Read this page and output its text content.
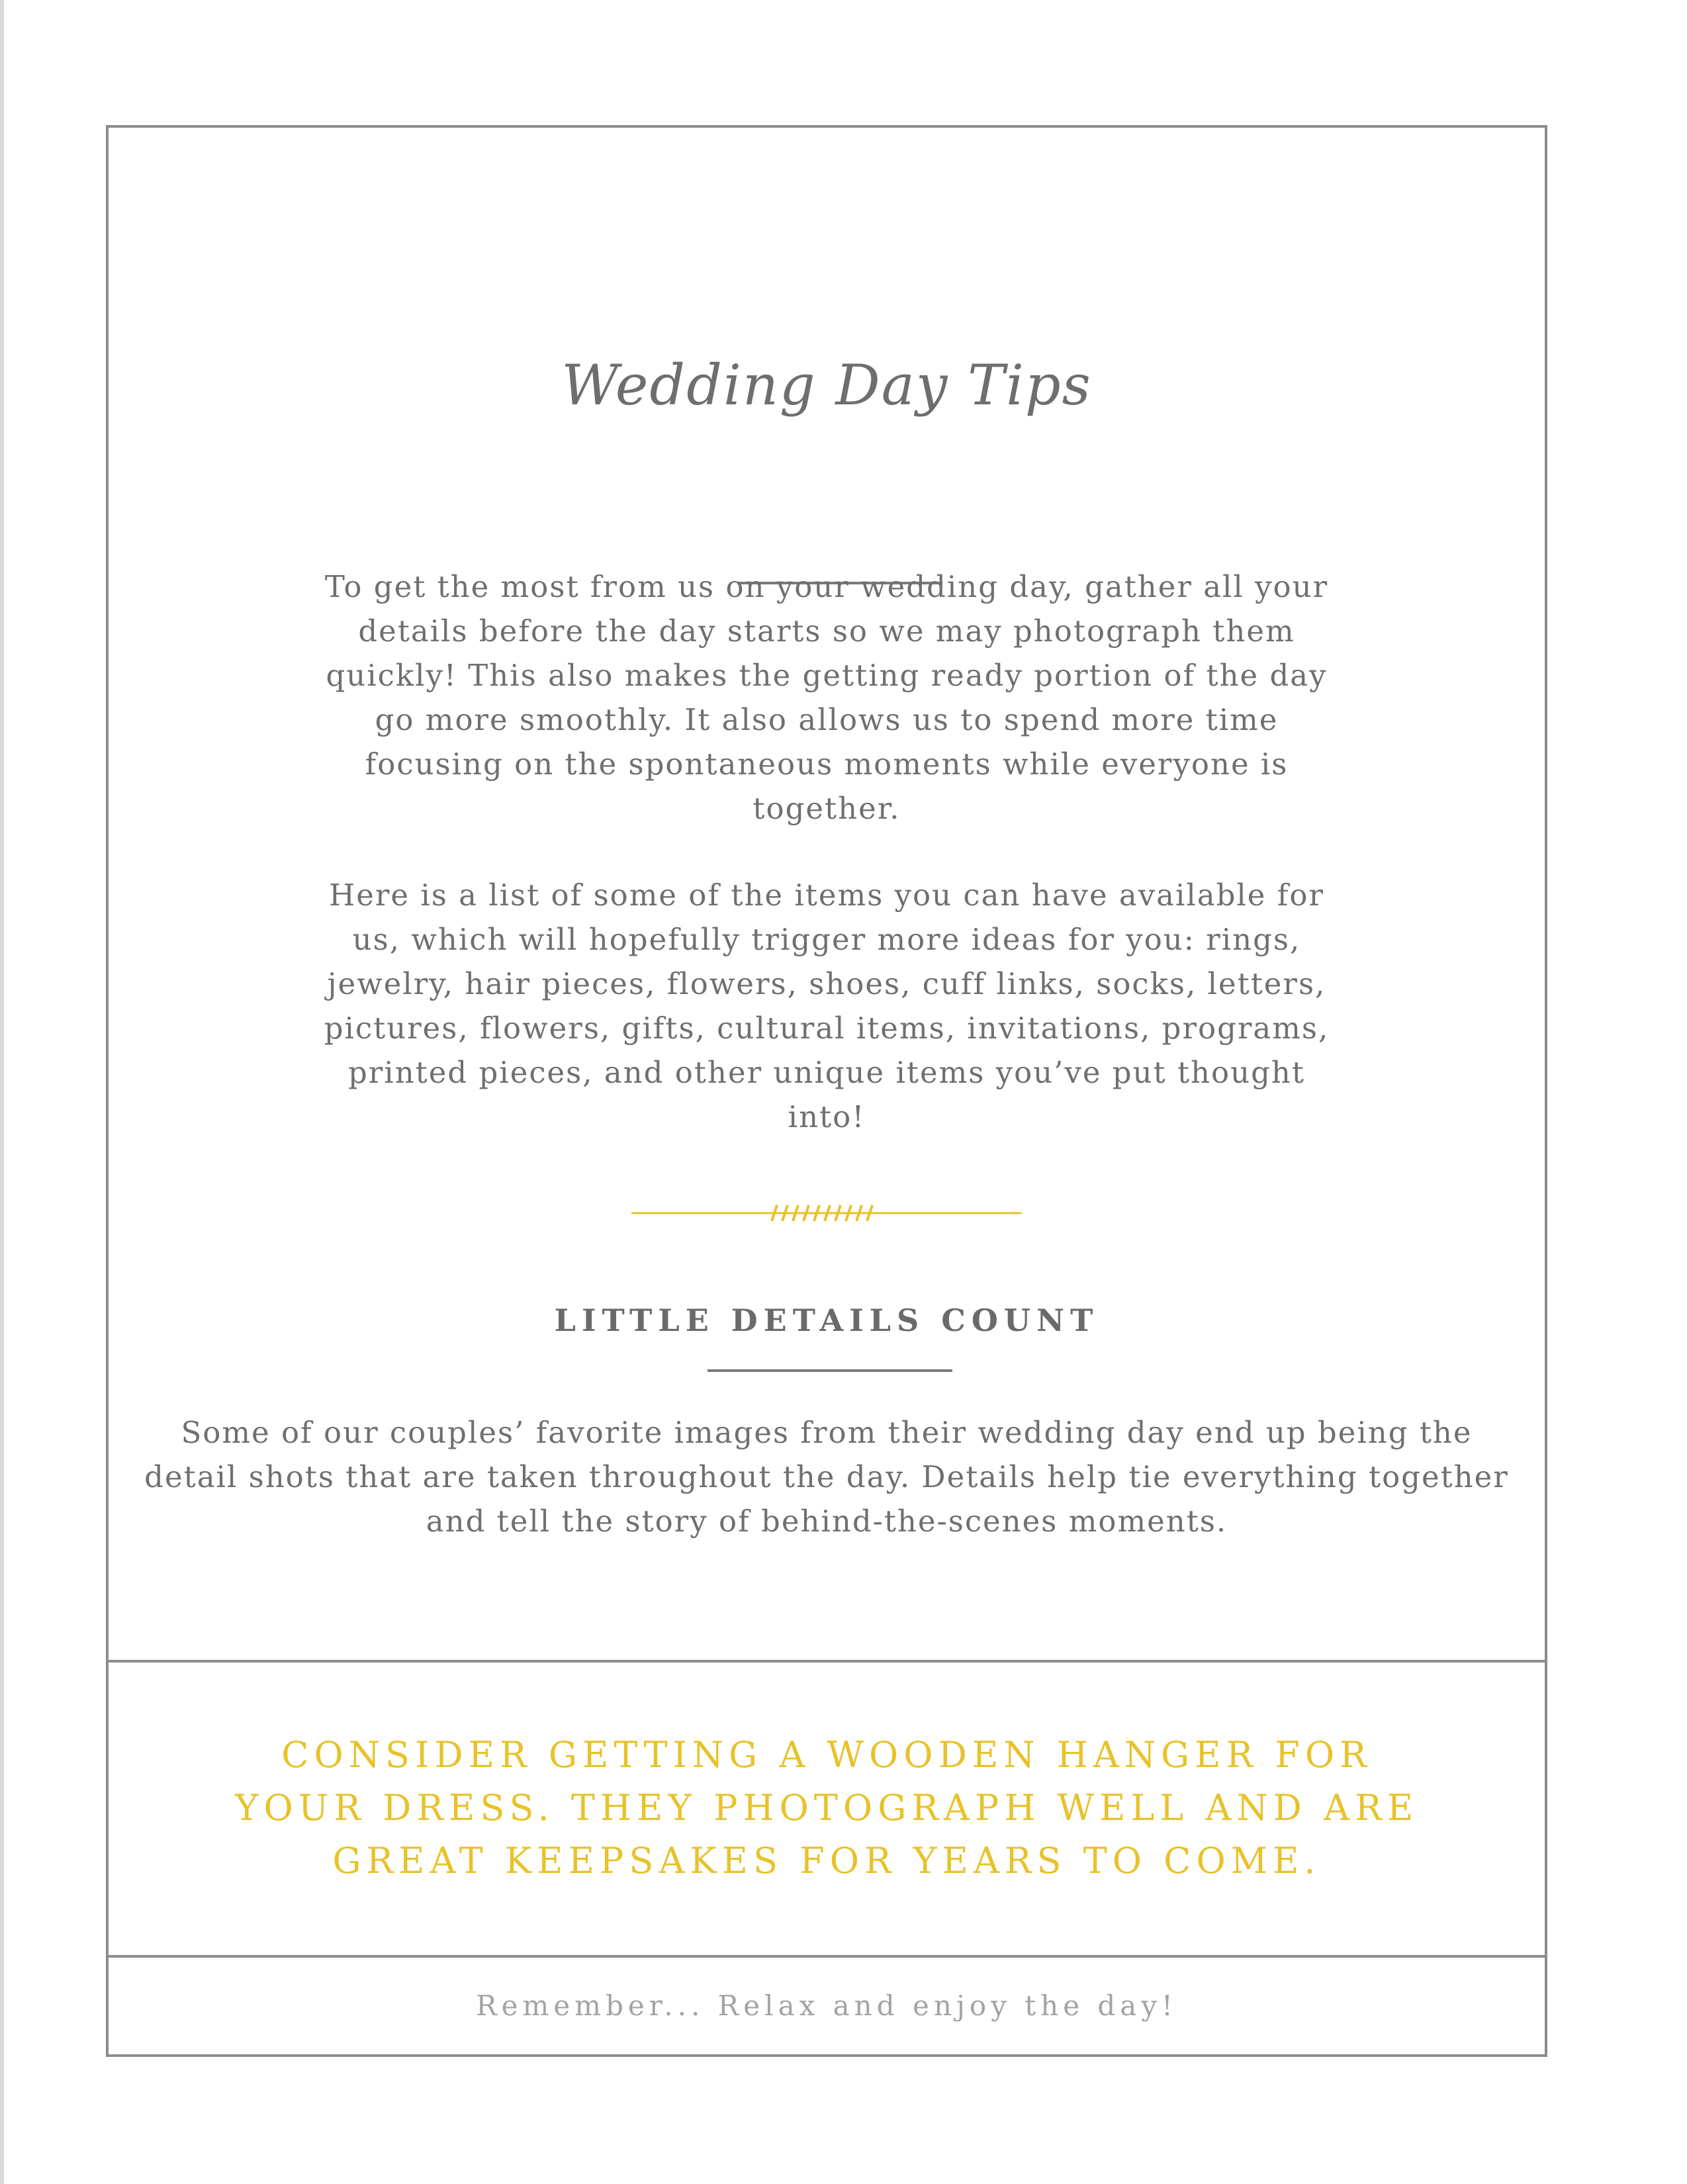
Wedding Day Tips

To get the most from us on your wedding day, gather all your details before the day starts so we may photograph them quickly! This also makes the getting ready portion of the day go more smoothly. It also allows us to spend more time focusing on the spontaneous moments while everyone is together.

Here is a list of some of the items you can have available for us, which will hopefully trigger more ideas for you: rings, jewelry, hair pieces, flowers, shoes, cuff links, socks, letters, pictures, flowers, gifts, cultural items, invitations, programs, printed pieces, and other unique items you’ve put thought into!

LITTLE DETAILS COUNT

Some of our couples’ favorite images from their wedding day end up being the detail shots that are taken throughout the day. Details help tie everything together and tell the story of behind-the-scenes moments.

CONSIDER GETTING A WOODEN HANGER FOR YOUR DRESS. THEY PHOTOGRAPH WELL AND ARE GREAT KEEPSAKES FOR YEARS TO COME.

Remember... Relax and enjoy the day!
